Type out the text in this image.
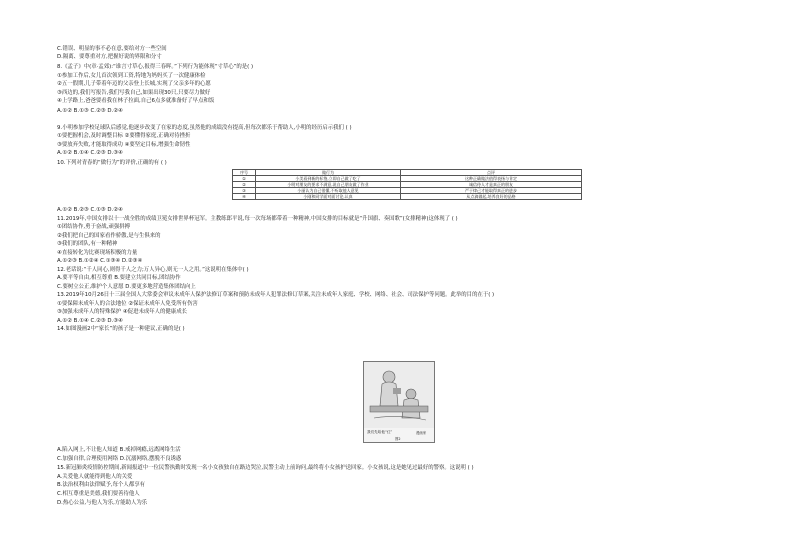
C.错误、明显的事不必在意,要给对方一些空间
D.隔离、要尊重对方,把握好说的界限和分寸
8.《孟子》中(章·孟郊):“谁言寸草心,报得三春晖。”下列行为能体现“寸草心”的是( )
①参加工作后,女儿首次领到工资,特地为妈妈买了一次健康体检
②五一假期,儿子带着年迈的父亲登上长城,实现了父亲多年的心愿
③西边的,我们写报告,我们写我自己,如果出现30只,只要尽力做好
④上学路上,爸爸要看我在林子拉面,自己6点多就准备好了早点和饭
A.①② B.①③ C.②③ D.②④
9.小明参加学校足球队后感觉,他逐步改变了在家的态度,虽然他的成绩没有提高,但每次都乐于帮助人,小明的经历启示我们 ( )
①要把握机会,及时调整目标 ②要懂得家庭,正确对待挫折
③要放弃失败,才能取得成功 ④要坚定目标,增强生命韧性
A.①② B.①④ C.②③ D.③④
10.下列对青春的“做行为”的评价,正确的有 ( )
A.①② B.②③ C.①③ D.②④
11.2019年,中国女排以十一战全胜的成绩卫冕女排世界杯冠军。主教练郎平说,每一次每场都带着一种精神,中国女排的目标就是“升国旗、奏国歌”(女排精神)这体现了 ( )
①团结协作,勇于奋战,顽强拼搏
②我们把自己的国家看作骄傲,是与生俱来的
③我们的团队,有一种精神
④直接转化为比赛现场积极的力量
A.①②③ B.①②④ C.①③④ D.②③④
12.老话说:“千人同心,则得千人之力;万人异心,则无一人之用。”这说明在集体中( )
A.要平等自由,相互尊重 B.要建立共同目标,团结协作
C.要树立公正,维护个人意愿 D.要更多地营造集体团结向上
13.2019年10月26日十三届全国人大常委会审议未成年人保护法修订草案和预防未成年人犯罪法修订草案,关注未成年人家庭、学校、网络、社会、司法保护等问题。此举的目的在于( )
①要保障未成年人的合法地位 ②保证未成年人免受所有伤害
③加强未成年人的特殊保护 ④促进未成年人的健康成长
A.①② B.①④ C.②③ D.③④
14.如图漫画2中“家长”的孩子是一种建议,正确的是( )
A.陷入网上,不让他人知道 B.戒掉网瘾,远离网络生活
C.加强自律,合理使用网络 D.沉溺网络,摆脱不良诱惑
15.新冠肺炎疫情防控期间,新闻报道中一位民警执勤时发现一名小女孩独自在路边哭泣,民警主动上前询问,最终将小女孩护送回家。小女孩说,这是她见过最好的警察。这说明 ( )
A.关爱他人就能得到他人的关爱
B.法治权利由法律赋予,每个人都享有
C.相互尊重是美德,我们要善待他人
D.热心公益,与他人为乐,方能助人为乐
序号	做行为	点评
①	小美看到新的标签,立即自己做了吃了	这种正确做法值得表扬与肯定
②	小明对朋友的要求不满意,说自己朋友做了作业	诚信待人才是真正的朋友
③	小丽认为自己很懂,不听取他人意见	严于律己才能取得真正的进步
④	小刚和同学面对面讨论,认真	从点滴做起,培养良好的品格
我们先给他“红”	漫画家
图2
